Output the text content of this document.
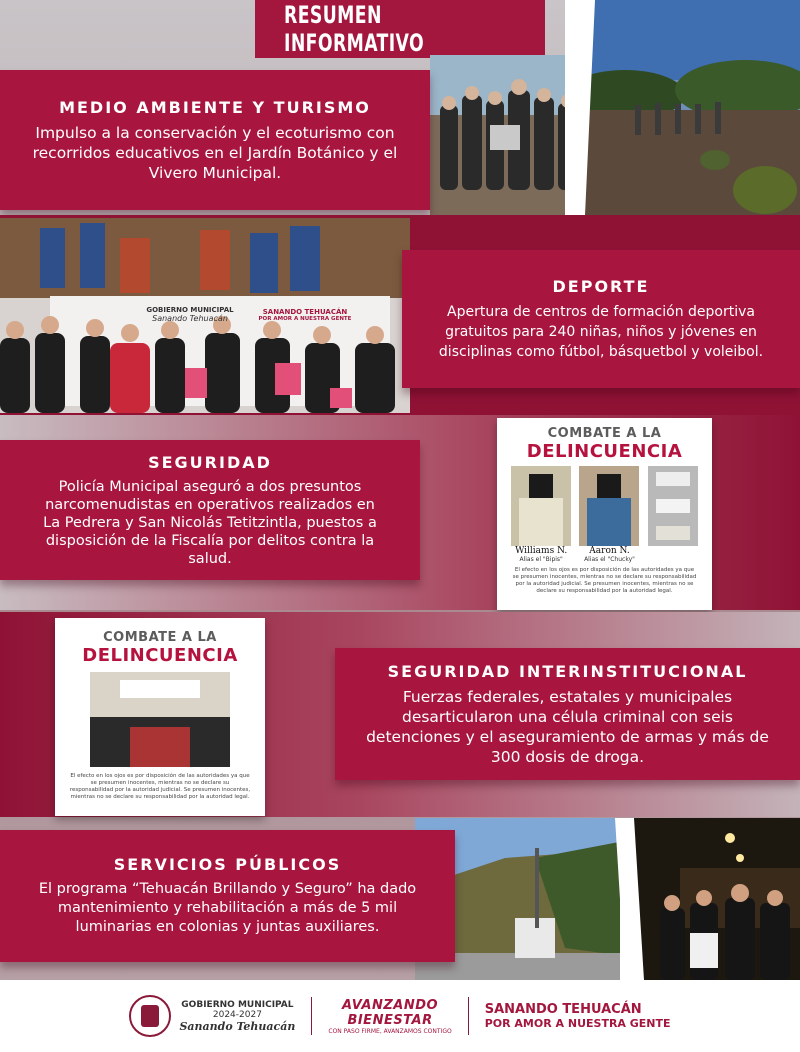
RESUMEN INFORMATIVO
MEDIO AMBIENTE Y TURISMO

Impulso a la conservación y el ecoturismo con recorridos educativos en el Jardín Botánico y el Vivero Municipal.

GOBIERNO MUNICIPAL
Sanando Tehuacán
SANANDO TEHUACÁN
POR AMOR A NUESTRA GENTE
DEPORTE

Apertura de centros de formación deportiva gratuitos para 240 niñas, niños y jóvenes en disciplinas como fútbol, básquetbol y voleibol.

SEGURIDAD

Policía Municipal aseguró a dos presuntos narcomenudistas en operativos realizados en La Pedrera y San Nicolás Tetitzintla, puestos a disposición de la Fiscalía por delitos contra la salud.

COMBATE A LA
DELINCUENCIA
Williams N.
Alias el "Bipis"
Aaron N.
Alias el "Chucky"
El efecto en los ojos es por disposición de las autoridades ya que se presumen inocentes, mientras no se declare su responsabilidad por la autoridad judicial. Se presumen inocentes, mientras no se declare su responsabilidad por la autoridad legal.
COMBATE A LA
DELINCUENCIA
El efecto en los ojos es por disposición de las autoridades ya que se presumen inocentes, mientras no se declare su responsabilidad por la autoridad judicial. Se presumen inocentes, mientras no se declare su responsabilidad por la autoridad legal.
SEGURIDAD INTERINSTITUCIONAL

Fuerzas federales, estatales y municipales desarticularon una célula criminal con seis detenciones y el aseguramiento de armas y más de 300 dosis de droga.

SERVICIOS PÚBLICOS

El programa “Tehuacán Brillando y Seguro” ha dado mantenimiento y rehabilitación a más de 5 mil luminarias en colonias y juntas auxiliares.

GOBIERNO MUNICIPAL
2024-2027
Sanando Tehuacán
AVANZANDO
BIENESTAR
CON PASO FIRME, AVANZAMOS CONTIGO
SANANDO TEHUACÁN
POR AMOR A NUESTRA GENTE
